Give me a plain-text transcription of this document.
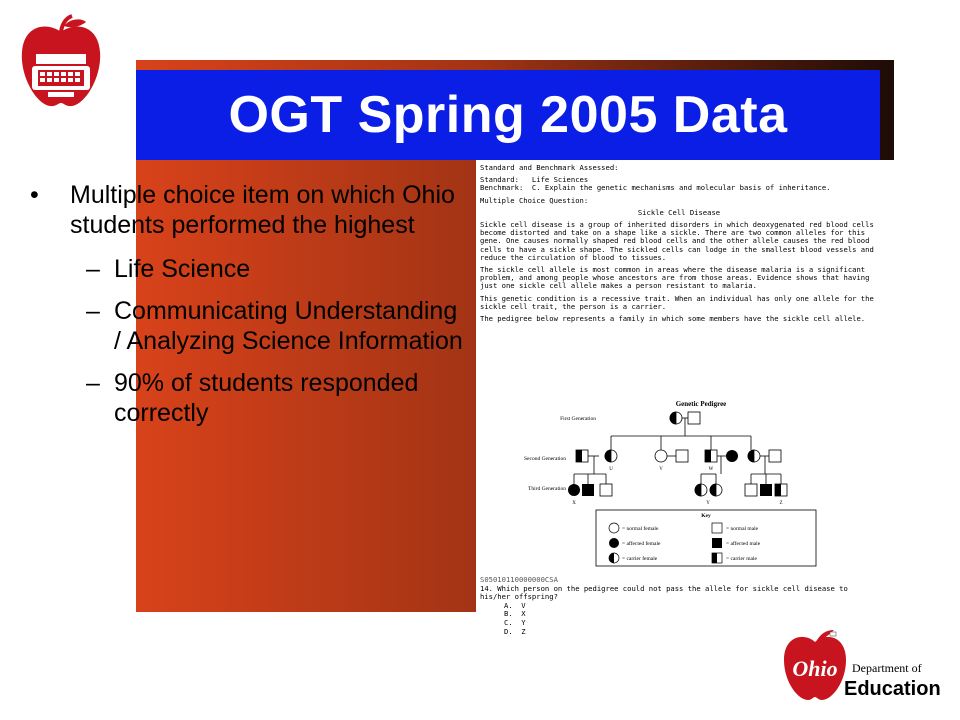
OGT Spring 2005 Data
• Multiple choice item on which Ohio students performed the highest
– Life Science
– Communicating Understanding / Analyzing Science Information
– 90% of students responded correctly

Standard and Benchmark Assessed:

Standard:   Life Sciences

Benchmark:  C. Explain the genetic mechanisms and molecular basis of inheritance.

Multiple Choice Question:

Sickle Cell Disease

Sickle cell disease is a group of inherited disorders in which deoxygenated red blood cells become distorted and take on a shape like a sickle. There are two common alleles for this gene. One causes normally shaped red blood cells and the other allele causes the red blood cells to have a sickle shape. The sickled cells can lodge in the smallest blood vessels and reduce the circulation of blood to tissues.

The sickle cell allele is most common in areas where the disease malaria is a significant problem, and among people whose ancestors are from those areas. Evidence shows that having just one sickle cell allele makes a person resistant to malaria.

This genetic condition is a recessive trait. When an individual has only one allele for the sickle cell trait, the person is a carrier.

The pedigree below represents a family in which some members have the sickle cell allele.

Genetic Pedigree
First Generation
Second Generation
Third Generation
U	V	W
X	Y	Z
Key
= normal female	= normal male
= affected female	= affected male
= carrier female	= carrier male
S05010110000000CSA
14. Which person on the pedigree could not pass the allele for sickle cell disease to his/her offspring?
A.  V
B.  X
C.  Y
D.  Z
Ohio Department of
Education
